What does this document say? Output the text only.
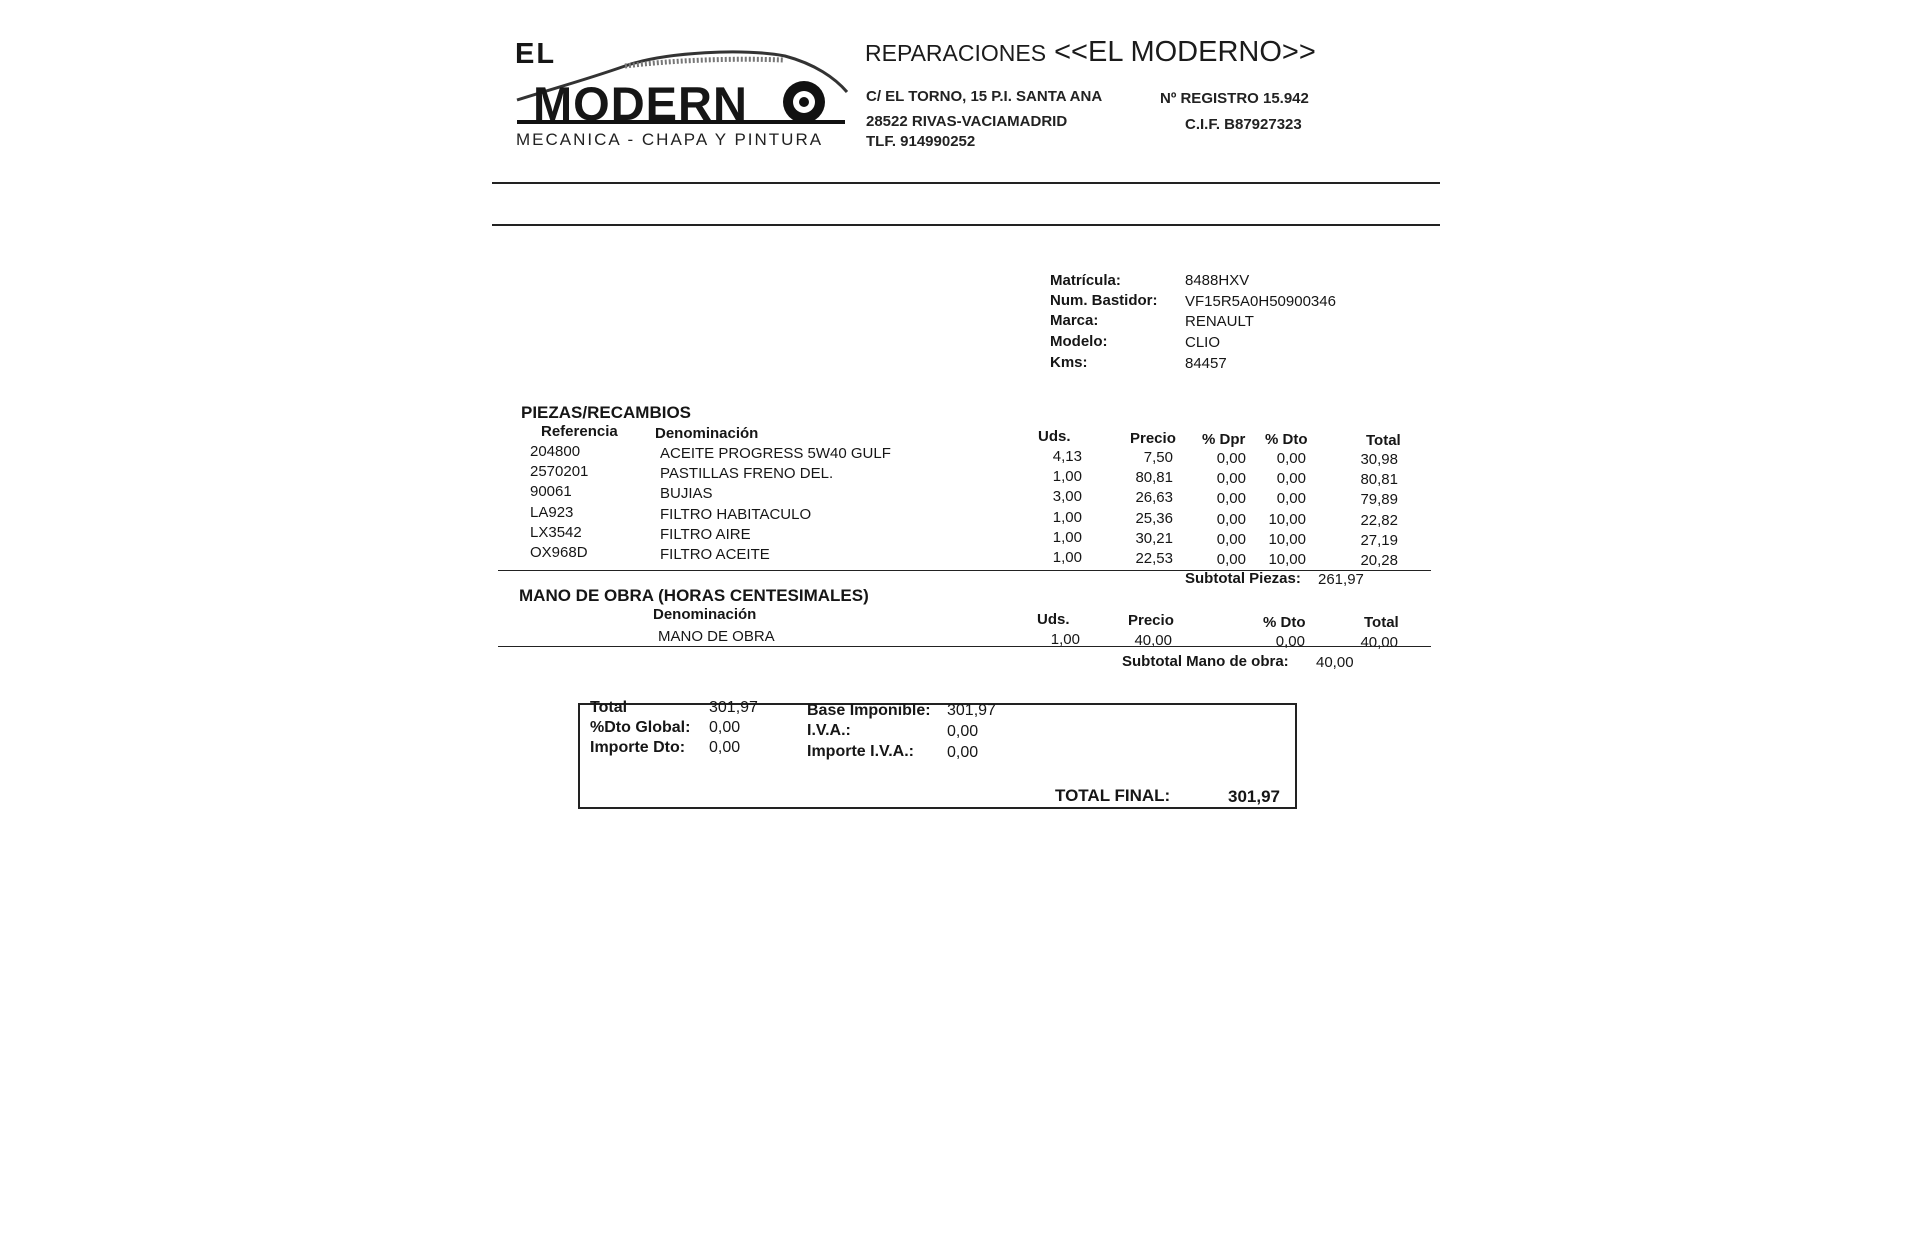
EL
MODERN
MECANICA - CHAPA Y PINTURA
REPARACIONES <<EL MODERNO>>
C/ EL TORNO, 15 P.I. SANTA ANA
28522 RIVAS-VACIAMADRID
TLF. 914990252
Nº REGISTRO 15.942
C.I.F. B87927323
Matrícula:	8488HXV
Num. Bastidor: VF15R5A0H50900346
Marca:	RENAULT
Modelo:	CLIO
Kms:	84457
PIEZAS/RECAMBIOS
Referencia Denominación	Uds.	Precio % Dpr % Dto	Total
204800	ACEITE PROGRESS 5W40 GULF	4,13	7,50	0,00	0,00	30,98
2570201	PASTILLAS FRENO DEL.	1,00	80,81	0,00	0,00	80,81
90061	BUJIAS	3,00	26,63	0,00	0,00	79,89
LA923	FILTRO HABITACULO	1,00	25,36	0,00	10,00	22,82
LX3542	FILTRO AIRE	1,00	30,21	0,00	10,00	27,19
OX968D	FILTRO ACEITE	1,00	22,53	0,00	10,00	20,28
Subtotal Piezas: 261,97
MANO DE OBRA (HORAS CENTESIMALES)
Denominación	Uds.	Precio	% Dto	Total
MANO DE OBRA	1,00	40,00	0,00	40,00
Subtotal Mano de obra: 40,00
Total	301,97
%Dto Global: 0,00
Importe Dto: 0,00
Base Imponible: 301,97
I.V.A.:	0,00
Importe I.V.A.: 0,00
TOTAL FINAL:	301,97
